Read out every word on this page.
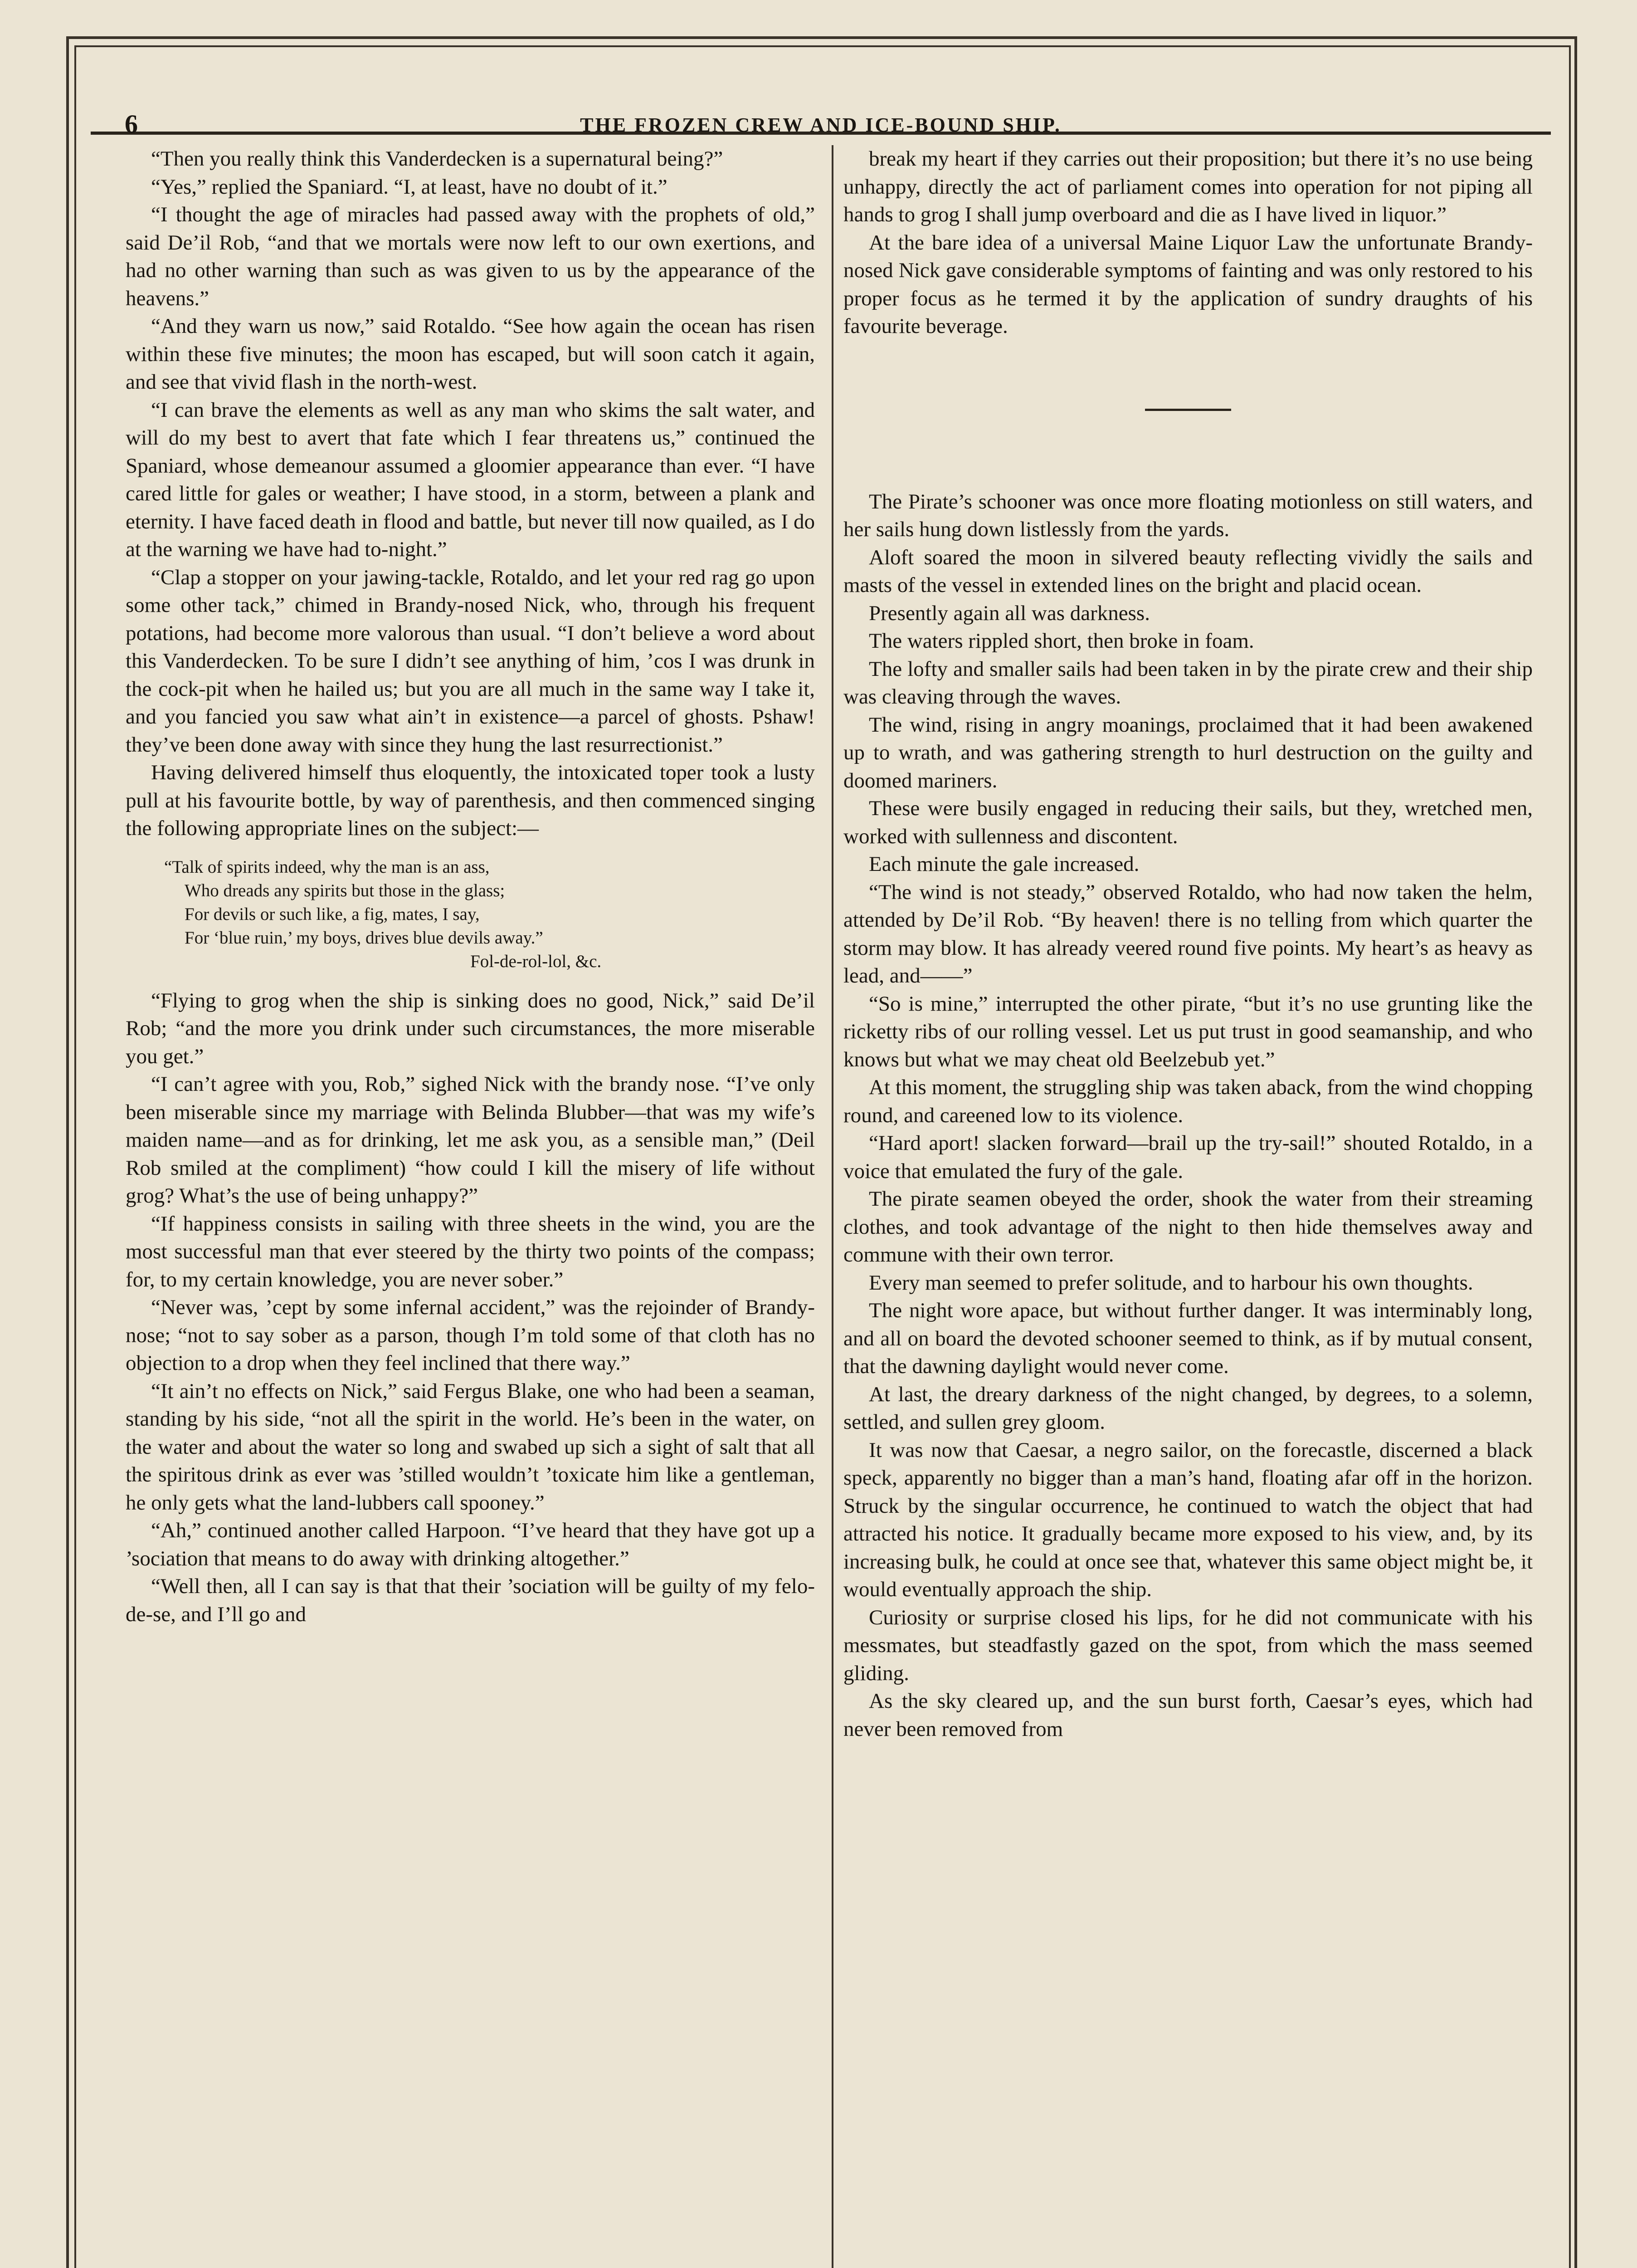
6	THE FROZEN CREW AND ICE-BOUND SHIP.

“Then you really think this Vanderdecken is a supernatural being?”

“Yes,” replied the Spaniard. “I, at least, have no doubt of it.”

“I thought the age of miracles had passed away with the prophets of old,” said De’il Rob, “and that we mortals were now left to our own exertions, and had no other warning than such as was given to us by the appearance of the heavens.”

“And they warn us now,” said Rotaldo. “See how again the ocean has risen within these five minutes; the moon has escaped, but will soon catch it again, and see that vivid flash in the north-west.

“I can brave the elements as well as any man who skims the salt water, and will do my best to avert that fate which I fear threatens us,” continued the Spaniard, whose demeanour assumed a gloomier appearance than ever. “I have cared little for gales or weather; I have stood, in a storm, between a plank and eternity. I have faced death in flood and battle, but never till now quailed, as I do at the warning we have had to-night.”

“Clap a stopper on your jawing-tackle, Rotaldo, and let your red rag go upon some other tack,” chimed in Brandy-nosed Nick, who, through his frequent potations, had become more valorous than usual. “I don’t believe a word about this Vanderdecken. To be sure I didn’t see anything of him, ’cos I was drunk in the cock-pit when he hailed us; but you are all much in the same way I take it, and you fancied you saw what ain’t in existence—a parcel of ghosts. Pshaw! they’ve been done away with since they hung the last resurrectionist.”

Having delivered himself thus eloquently, the intoxicated toper took a lusty pull at his favourite bottle, by way of parenthesis, and then commenced singing the following appropriate lines on the subject:—

“Talk of spirits indeed, why the man is an ass,
Who dreads any spirits but those in the glass;
For devils or such like, a fig, mates, I say,
For ‘blue ruin,’ my boys, drives blue devils away.”
Fol-de-rol-lol, &c.

“Flying to grog when the ship is sinking does no good, Nick,” said De’il Rob; “and the more you drink under such circumstances, the more miserable you get.”

“I can’t agree with you, Rob,” sighed Nick with the brandy nose. “I’ve only been miserable since my marriage with Belinda Blubber—that was my wife’s maiden name—and as for drinking, let me ask you, as a sensible man,” (Deil Rob smiled at the compliment) “how could I kill the misery of life without grog? What’s the use of being unhappy?”

“If happiness consists in sailing with three sheets in the wind, you are the most successful man that ever steered by the thirty two points of the compass; for, to my certain knowledge, you are never sober.”

“Never was, ’cept by some infernal accident,” was the rejoinder of Brandy-nose; “not to say sober as a parson, though I’m told some of that cloth has no objection to a drop when they feel inclined that there way.”

“It ain’t no effects on Nick,” said Fergus Blake, one who had been a seaman, standing by his side, “not all the spirit in the world. He’s been in the water, on the water and about the water so long and swabed up sich a sight of salt that all the spiritous drink as ever was ’stilled wouldn’t ’toxicate him like a gentleman, he only gets what the land-lubbers call spooney.”

“Ah,” continued another called Harpoon. “I’ve heard that they have got up a ’sociation that means to do away with drinking altogether.”

“Well then, all I can say is that that their ’sociation will be guilty of my felo-de-se, and I’ll go and

break my heart if they carries out their proposition; but there it’s no use being unhappy, directly the act of parliament comes into operation for not piping all hands to grog I shall jump overboard and die as I have lived in liquor.”

At the bare idea of a universal Maine Liquor Law the unfortunate Brandy-nosed Nick gave considerable symptoms of fainting and was only restored to his proper focus as he termed it by the application of sundry draughts of his favourite beverage.

The Pirate’s schooner was once more floating motionless on still waters, and her sails hung down listlessly from the yards.

Aloft soared the moon in silvered beauty reflecting vividly the sails and masts of the vessel in extended lines on the bright and placid ocean.

Presently again all was darkness.

The waters rippled short, then broke in foam.

The lofty and smaller sails had been taken in by the pirate crew and their ship was cleaving through the waves.

The wind, rising in angry moanings, proclaimed that it had been awakened up to wrath, and was gathering strength to hurl destruction on the guilty and doomed mariners.

These were busily engaged in reducing their sails, but they, wretched men, worked with sullenness and discontent.

Each minute the gale increased.

“The wind is not steady,” observed Rotaldo, who had now taken the helm, attended by De’il Rob. “By heaven! there is no telling from which quarter the storm may blow. It has already veered round five points. My heart’s as heavy as lead, and——”

“So is mine,” interrupted the other pirate, “but it’s no use grunting like the ricketty ribs of our rolling vessel. Let us put trust in good seamanship, and who knows but what we may cheat old Beelzebub yet.”

At this moment, the struggling ship was taken aback, from the wind chopping round, and careened low to its violence.

“Hard aport! slacken forward—brail up the try-sail!” shouted Rotaldo, in a voice that emulated the fury of the gale.

The pirate seamen obeyed the order, shook the water from their streaming clothes, and took advantage of the night to then hide themselves away and commune with their own terror.

Every man seemed to prefer solitude, and to harbour his own thoughts.

The night wore apace, but without further danger. It was interminably long, and all on board the devoted schooner seemed to think, as if by mutual consent, that the dawning daylight would never come.

At last, the dreary darkness of the night changed, by degrees, to a solemn, settled, and sullen grey gloom.

It was now that Caesar, a negro sailor, on the forecastle, discerned a black speck, apparently no bigger than a man’s hand, floating afar off in the horizon. Struck by the singular occurrence, he continued to watch the object that had attracted his notice. It gradually became more exposed to his view, and, by its increasing bulk, he could at once see that, whatever this same object might be, it would eventually approach the ship.

Curiosity or surprise closed his lips, for he did not communicate with his messmates, but steadfastly gazed on the spot, from which the mass seemed gliding.

As the sky cleared up, and the sun burst forth, Caesar’s eyes, which had never been removed from
